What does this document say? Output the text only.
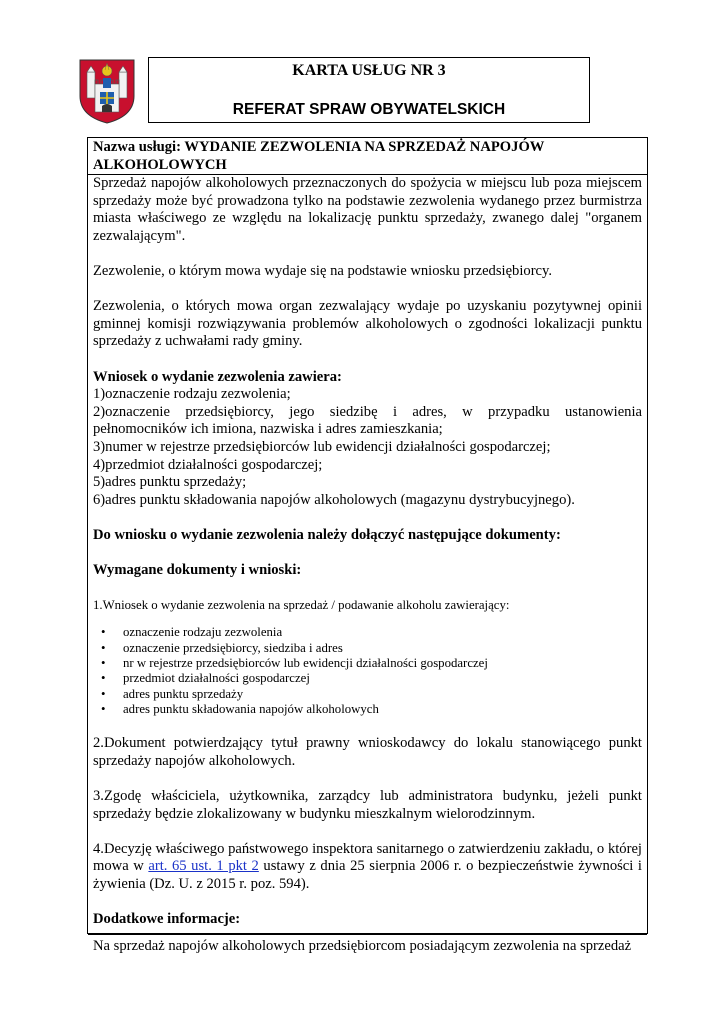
KARTA USŁUG NR 3
REFERAT SPRAW OBYWATELSKICH
Nazwa usługi: WYDANIE ZEZWOLENIA NA SPRZEDAŻ NAPOJÓW ALKOHOLOWYCH

Sprzedaż napojów alkoholowych przeznaczonych do spożycia w miejscu lub poza miejscem sprzedaży może być prowadzona tylko na podstawie zezwolenia wydanego przez burmistrza miasta właściwego ze względu na lokalizację punktu sprzedaży, zwanego dalej "organem zezwalającym".

Zezwolenie, o którym mowa wydaje się na podstawie wniosku przedsiębiorcy.

Zezwolenia, o których mowa organ zezwalający wydaje po uzyskaniu pozytywnej opinii gminnej komisji rozwiązywania problemów alkoholowych o zgodności lokalizacji punktu sprzedaży z uchwałami rady gminy.

Wniosek o wydanie zezwolenia zawiera:

1)oznaczenie rodzaju zezwolenia;

2)oznaczenie przedsiębiorcy, jego siedzibę i adres, w przypadku ustanowienia pełnomocników ich imiona, nazwiska i adres zamieszkania;

3)numer w rejestrze przedsiębiorców lub ewidencji działalności gospodarczej;

4)przedmiot działalności gospodarczej;

5)adres punktu sprzedaży;

6)adres punktu składowania napojów alkoholowych (magazynu dystrybucyjnego).

Do wniosku o wydanie zezwolenia należy dołączyć następujące dokumenty:

Wymagane dokumenty i wnioski:

1.Wniosek o wydanie zezwolenia na sprzedaż / podawanie alkoholu zawierający:

• oznaczenie rodzaju zezwolenia
• oznaczenie przedsiębiorcy, siedziba i adres
• nr w rejestrze przedsiębiorców lub ewidencji działalności gospodarczej
• przedmiot działalności gospodarczej
• adres punktu sprzedaży
• adres punktu składowania napojów alkoholowych

2.Dokument potwierdzający tytuł prawny wnioskodawcy do lokalu stanowiącego punkt sprzedaży napojów alkoholowych.

3.Zgodę właściciela, użytkownika, zarządcy lub administratora budynku, jeżeli punkt sprzedaży będzie zlokalizowany w budynku mieszkalnym wielorodzinnym.

4.Decyzję właściwego państwowego inspektora sanitarnego o zatwierdzeniu zakładu, o której mowa w art. 65 ust. 1 pkt 2 ustawy z dnia 25 sierpnia 2006 r. o bezpieczeństwie żywności i żywienia (Dz. U. z 2015 r. poz. 594).

Dodatkowe informacje:

Na sprzedaż napojów alkoholowych przedsiębiorcom posiadającym zezwolenia na sprzedaż
